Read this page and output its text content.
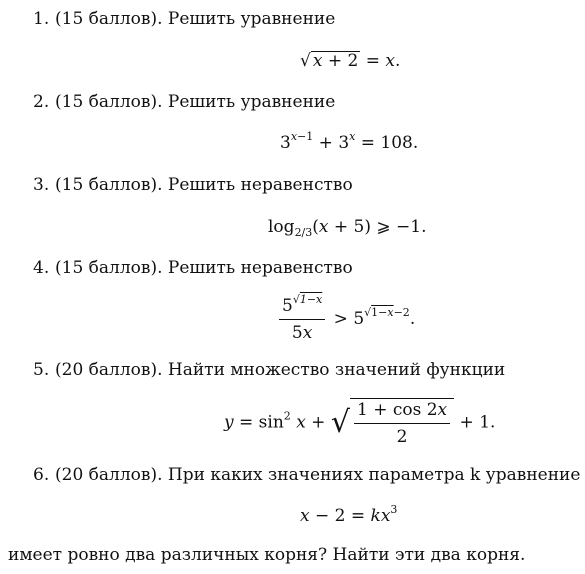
1. (15 баллов). Решить уравнение
√ x + 2 = x.
2. (15 баллов). Решить уравнение
$3^{x-1} + 3^x = 108$.
3. (15 баллов). Решить неравенство
$\log_{2/3}(x + 5)$ ⩾ −1.
4. (15 баллов). Решить неравенство
$\frac{5^{√1-x}}{5x} > 5^{√1-x-2}$.
5. (20 баллов). Найти множество значений функции
$y = \sin^2 x$ + √ $\frac{1 + \cos 2x}{2} + 1$.
6. (20 баллов). При каких значениях параметра k уравнение
$x - 2 = kx^3$
имеет ровно два различных корня? Найти эти два корня.
